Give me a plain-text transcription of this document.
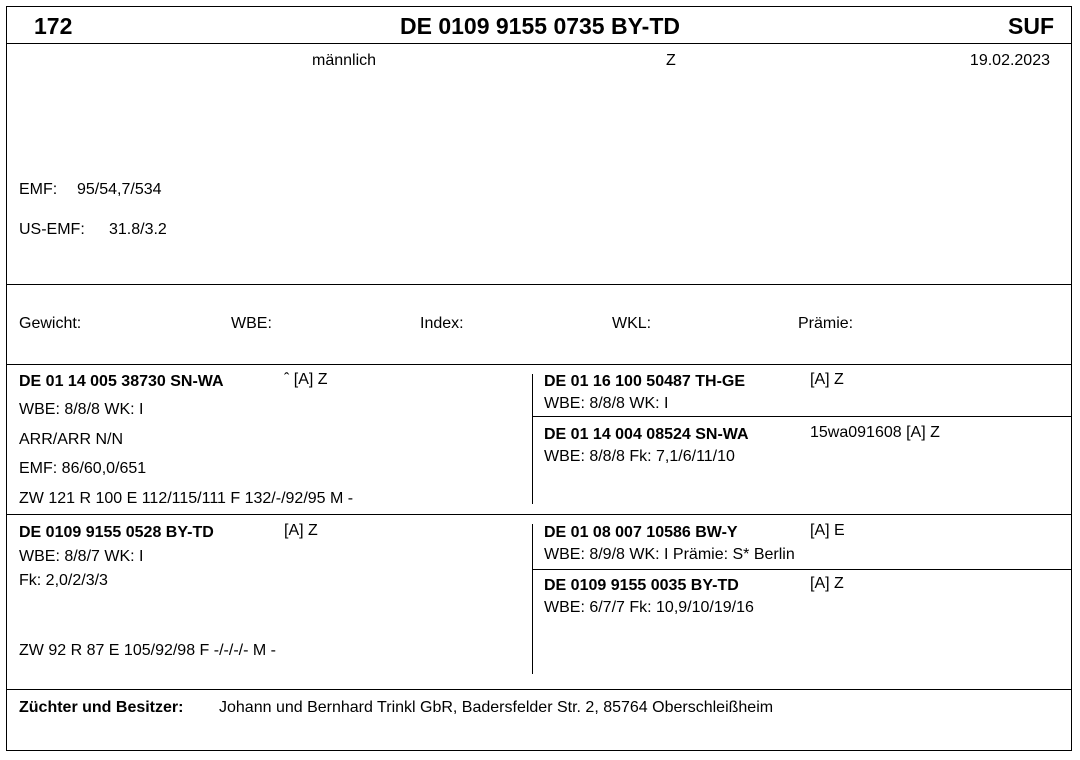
172	DE 0109 9155 0735 BY-TD	SUF
männlich	Z	19.02.2023
EMF: 95/54,7/534
US-EMF: 31.8/3.2
Gewicht:	WBE:	Index:	WKL:	Prämie:
DE 01 14 005 38730 SN-WA	ˆ [A] Z
WBE: 8/8/8 WK: I
ARR/ARR N/N
EMF: 86/60,0/651
ZW 121 R 100 E 112/115/111 F 132/-/92/95 M -
DE 01 16 100 50487 TH-GE	[A] Z
WBE: 8/8/8 WK: I
DE 01 14 004 08524 SN-WA	15wa091608 [A] Z
WBE: 8/8/8 Fk: 7,1/6/11/10
DE 0109 9155 0528 BY-TD	[A] Z
WBE: 8/8/7 WK: I
Fk: 2,0/2/3/3
ZW 92 R 87 E 105/92/98 F -/-/-/- M -
DE 01 08 007 10586 BW-Y	[A] E
WBE: 8/9/8 WK: I Prämie: S* Berlin
DE 0109 9155 0035 BY-TD	[A] Z
WBE: 6/7/7 Fk: 10,9/10/19/16
Züchter und Besitzer: Johann und Bernhard Trinkl GbR, Badersfelder Str. 2, 85764 Oberschleißheim
